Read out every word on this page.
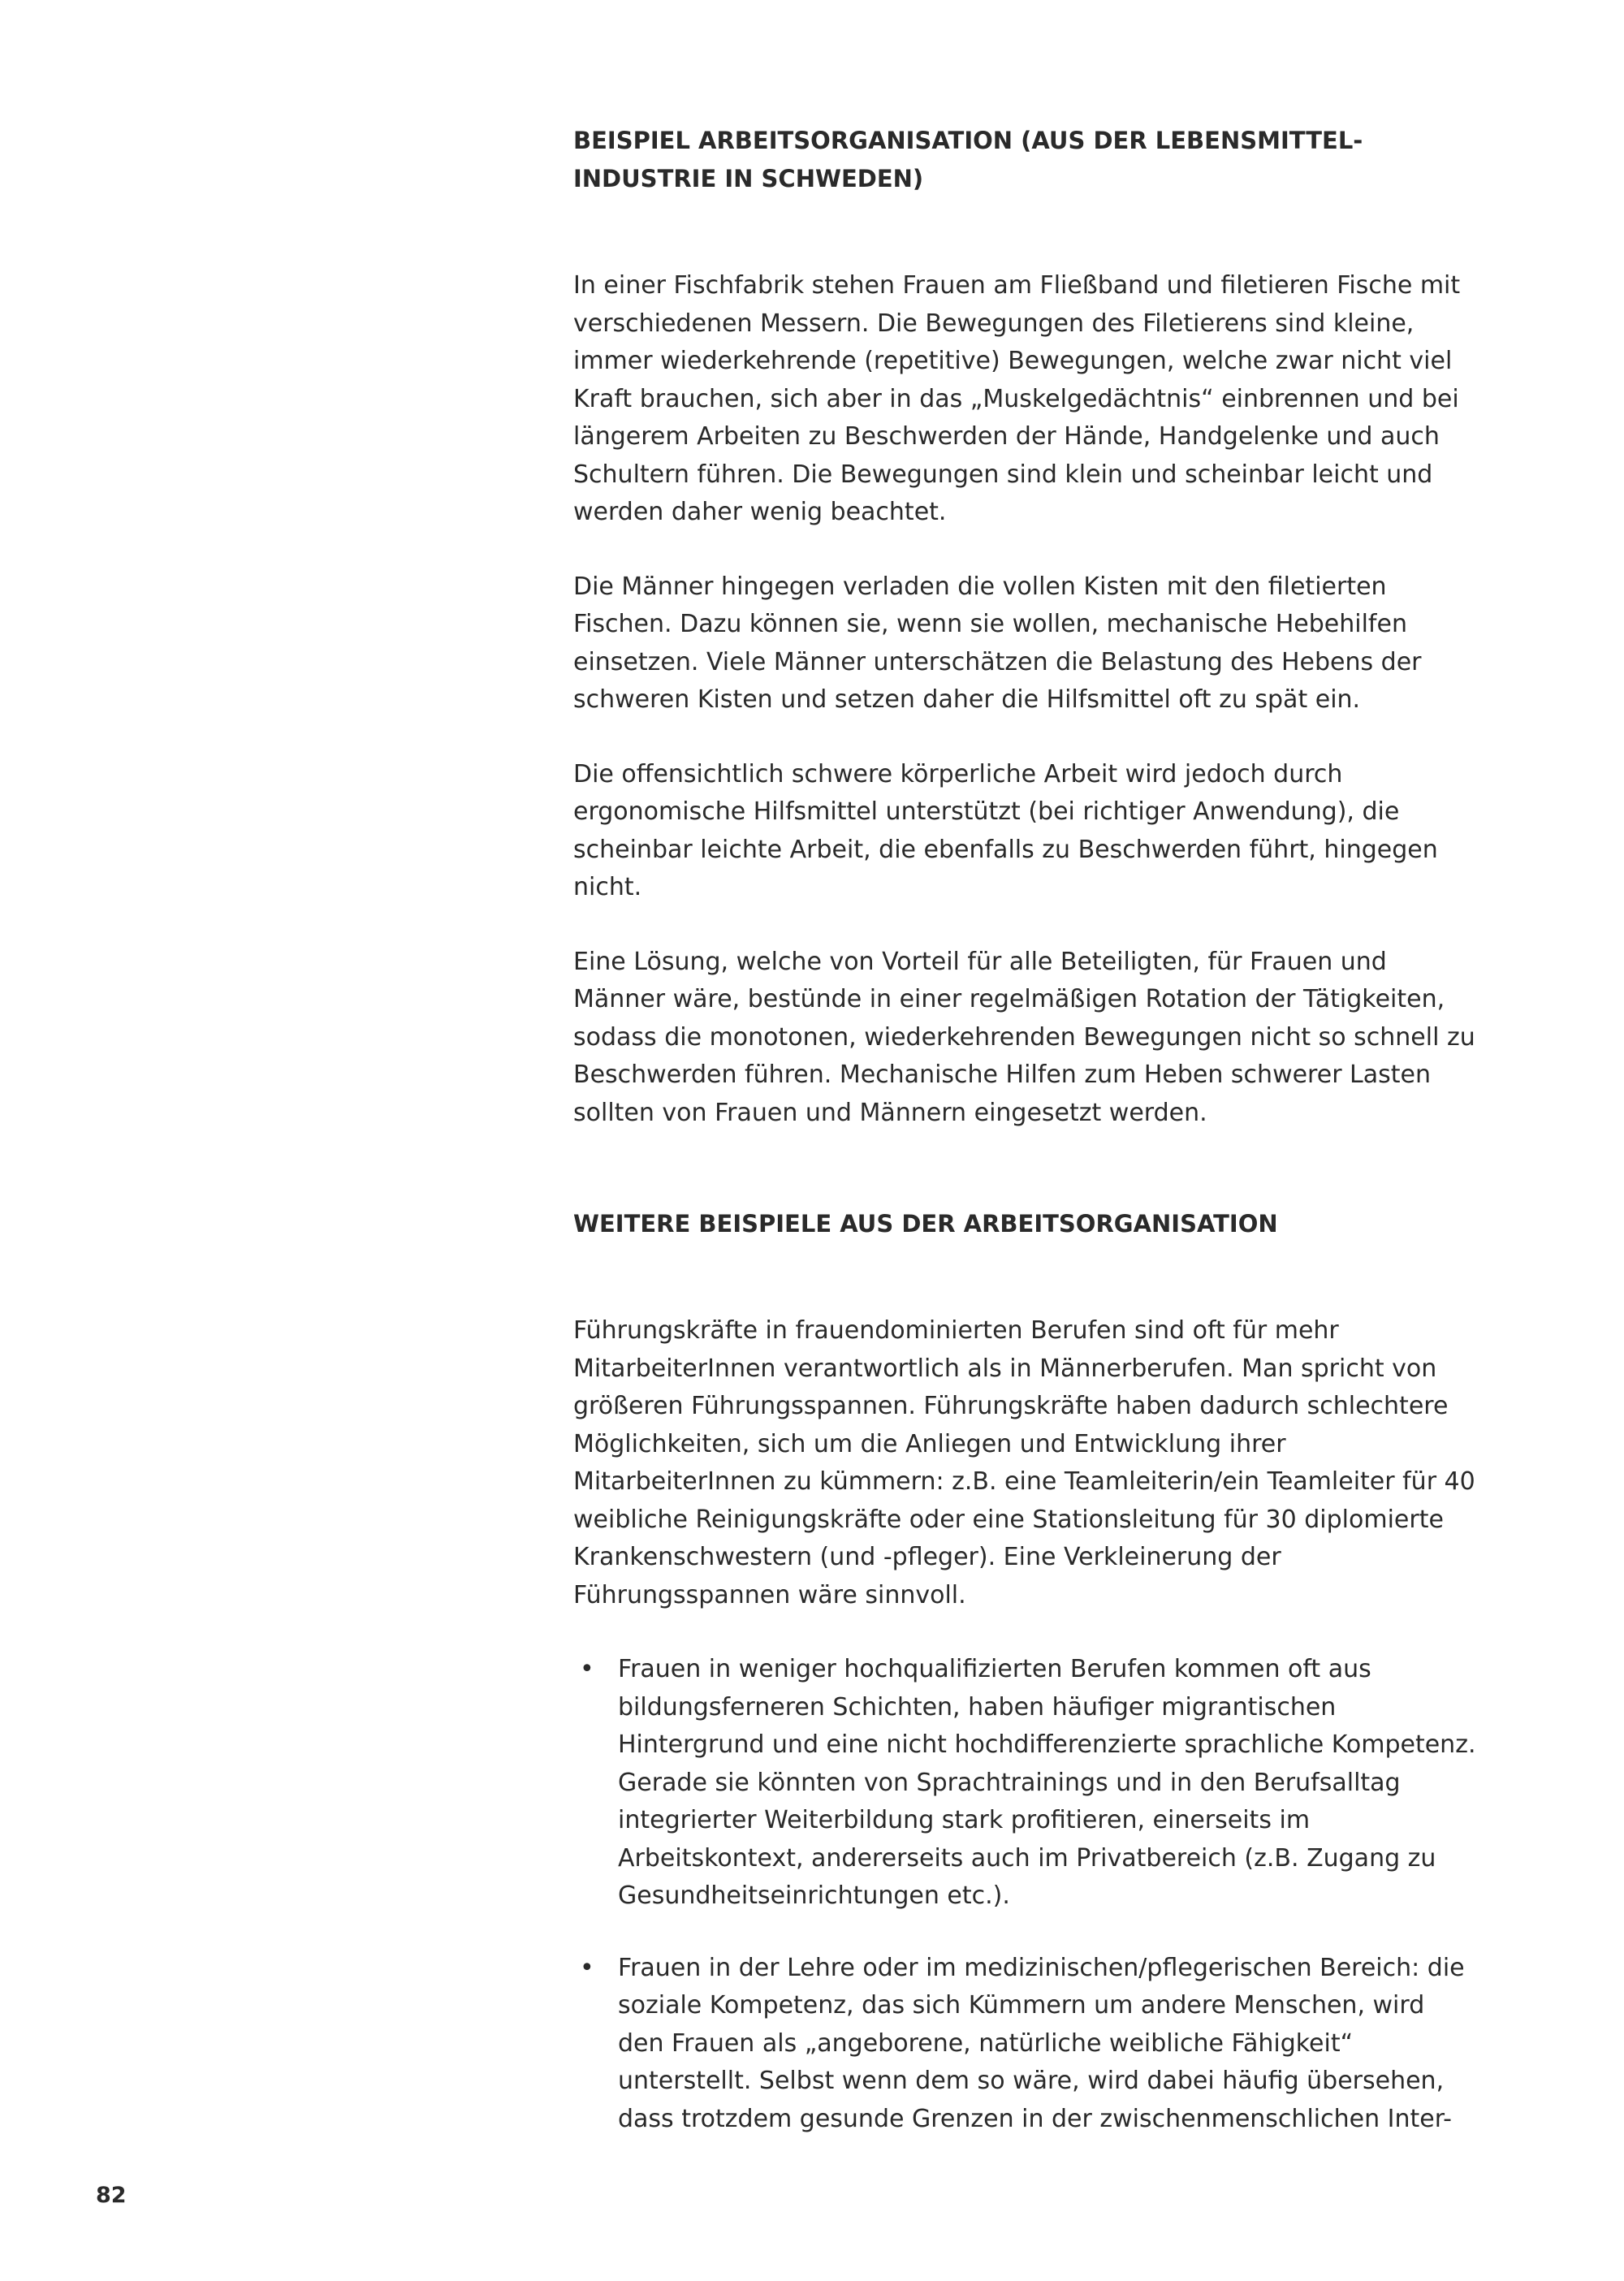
BEISPIEL ARBEITSORGANISATION (AUS DER LEBENSMITTEL-
INDUSTRIE IN SCHWEDEN)

In einer Fischfabrik stehen Frauen am Fließband und filetieren Fische mit verschiedenen Messern. Die Bewegungen des Filetierens sind kleine, immer wiederkehrende (repetitive) Bewegungen, welche zwar nicht viel Kraft brauchen, sich aber in das „Muskelgedächtnis“ einbrennen und bei längerem Arbeiten zu Beschwerden der Hände, Handgelenke und auch Schultern führen. Die Bewegungen sind klein und scheinbar leicht und werden daher wenig beachtet.

Die Männer hingegen verladen die vollen Kisten mit den filetierten Fischen. Dazu können sie, wenn sie wollen, mechanische Hebehilfen einsetzen. Viele Männer unterschätzen die Belastung des Hebens der schweren Kisten und setzen daher die Hilfsmittel oft zu spät ein.

Die offensichtlich schwere körperliche Arbeit wird jedoch durch ergonomische Hilfsmittel unterstützt (bei richtiger Anwendung), die scheinbar leichte Arbeit, die ebenfalls zu Beschwerden führt, hingegen nicht.

Eine Lösung, welche von Vorteil für alle Beteiligten, für Frauen und Männer wäre, bestünde in einer regelmäßigen Rotation der Tätigkeiten, sodass die monotonen, wiederkehrenden Bewegungen nicht so schnell zu Beschwerden führen. Mechanische Hilfen zum Heben schwerer Lasten sollten von Frauen und Männern eingesetzt werden.

WEITERE BEISPIELE AUS DER ARBEITSORGANISATION

Führungskräfte in frauendominierten Berufen sind oft für mehr MitarbeiterInnen verantwortlich als in Männerberufen. Man spricht von größeren Führungsspannen. Führungskräfte haben dadurch schlechtere Möglichkeiten, sich um die Anliegen und Entwicklung ihrer MitarbeiterInnen zu kümmern: z.B. eine Teamleiterin/ein Teamleiter für 40 weibliche Reinigungskräfte oder eine Stationsleitung für 30 diplomierte Krankenschwestern (und -pfleger). Eine Verkleinerung der Führungsspannen wäre sinnvoll.

• Frauen in weniger hochqualifizierten Berufen kommen oft aus bildungsferneren Schichten, haben häufiger migrantischen Hintergrund und eine nicht hochdifferenzierte sprachliche Kompetenz. Gerade sie könnten von Sprachtrainings und in den Berufsalltag integrierter Weiterbildung stark profitieren, einerseits im Arbeitskontext, andererseits auch im Privatbereich (z.B. Zugang zu Gesundheitseinrichtungen etc.).
• Frauen in der Lehre oder im medizinischen/pflegerischen Bereich: die soziale Kompetenz, das sich Kümmern um andere Menschen, wird den Frauen als „angeborene, natürliche weibliche Fähigkeit“ unterstellt. Selbst wenn dem so wäre, wird dabei häufig übersehen, dass trotzdem gesunde Grenzen in der zwischenmenschlichen Inter-
82
